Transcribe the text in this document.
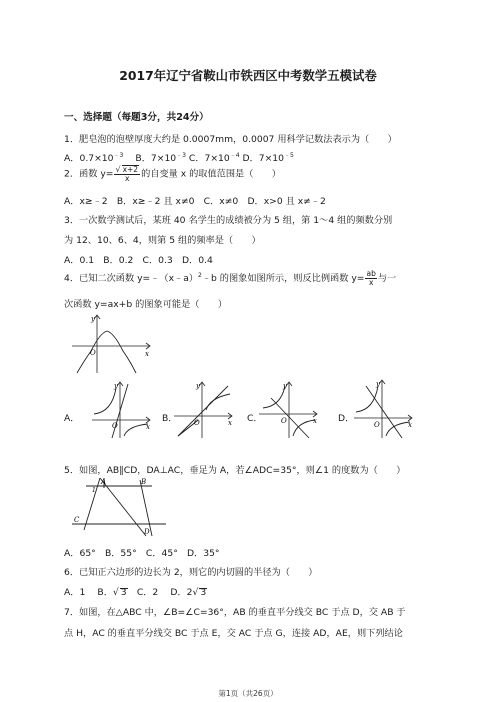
2017年辽宁省鞍山市铁西区中考数学五模试卷
一、选择题（每题3分，共24分）
1．肥皂泡的泡壁厚度大约是 0.0007mm，0.0007 用科学记数法表示为（　　）
A．$0.7\times 10^{﹣3}$ 　B．$7\times 10^{﹣3}$ C．$7\times 10^{﹣4}$ D．$7\times 10^{﹣5}$
2．函数 $y= \frac{√ x+2}{x}$ 的自变量 x 的取值范围是（　　）
A．x≥﹣2　B．x≥﹣2 且 x≠0　C．x≠0　D．x>0 且 x≠﹣2
3．一次数学测试后，某班 40 名学生的成绩被分为 5 组，第 1～4 组的频数分别
为 12、10、6、4，则第 5 组的频率是（　　）
A．0.1　B．0.2　C．0.3　D．0.4
4．已知二次函数 y=﹣（x﹣a）$^2$﹣b 的图象如图所示，则反比例函数 $y= \frac{ab}{x}$ 与一
次函数 y=ax+b 的图象可能是（　　）
y
x
O
A．
y
x
O
B．
y
x
O	C．
y
x
O	D．
y
x
O
5．如图，AB∥CD，DA⊥AC，垂足为 A，若∠ADC=35°，则∠1 的度数为（　　）
A	B
C
D
1
A．65°　B．55°　C．45°　D．35°
6．已知正六边形的边长为 2，则它的内切圆的半径为（　　）
A．1　 B．√ 3　C．2　 D．2√ 3
7．如图，在△ABC 中，∠B=∠C=36°，AB 的垂直平分线交 BC 于点 D，交 AB 于
点 H，AC 的垂直平分线交 BC 于点 E，交 AC 于点 G，连接 AD，AE，则下列结论
第1页（共26页）
